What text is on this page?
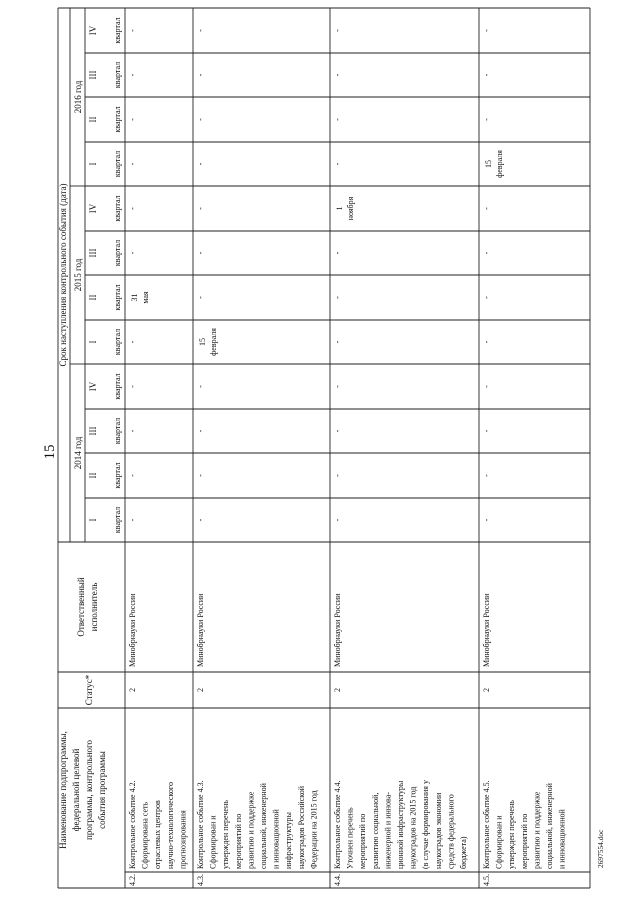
15
2697554.doc
Наименование подпрограммы, федеральной целевой программы, контрольного события программы
Статус*
Ответственный исполнитель
Срок наступления контрольного события (дата)
2014 год
2015 год
2016 год
I квартал
II квартал
III квартал
IV квартал
I квартал
II квартал
III квартал
IV квартал
I квартал
II квартал
III квартал
IV квартал
4.2.
Контрольное событие 4.2. Сформирована сеть отраслевых центров научно-технологического прогнозирования
2
Минобрнауки России
-
-
-
-
-
31 мая
-
-
-
-
-
-
4.3.
Контрольное событие 4.3. Сформирован и утвержден перечень мероприятий по развитию и поддержке социальной, инженерной и инновационной инфраструктуры наукоградов Российской Федерации на 2015 год
2
Минобрнауки России
-
-
-
-
15 февраля
-
-
-
-
-
-
-
4.4.
Контрольное событие 4.4. Уточнен перечень мероприятий по развитию социальной, инженерной и иннова- ционной инфраструктуры наукоградов на 2015 год (в случае формирования у наукоградов экономии средств федерального бюджета)
2
Минобрнауки России
-
-
-
-
-
-
-
1 ноября
-
-
-
-
4.5.
Контрольное событие 4.5. Сформирован и утвержден перечень мероприятий по развитию и поддержке социальной, инженерной и инновационной
2
Минобрнауки России
-
-
-
-
-
-
-
-
15 февраля
-
-
-
